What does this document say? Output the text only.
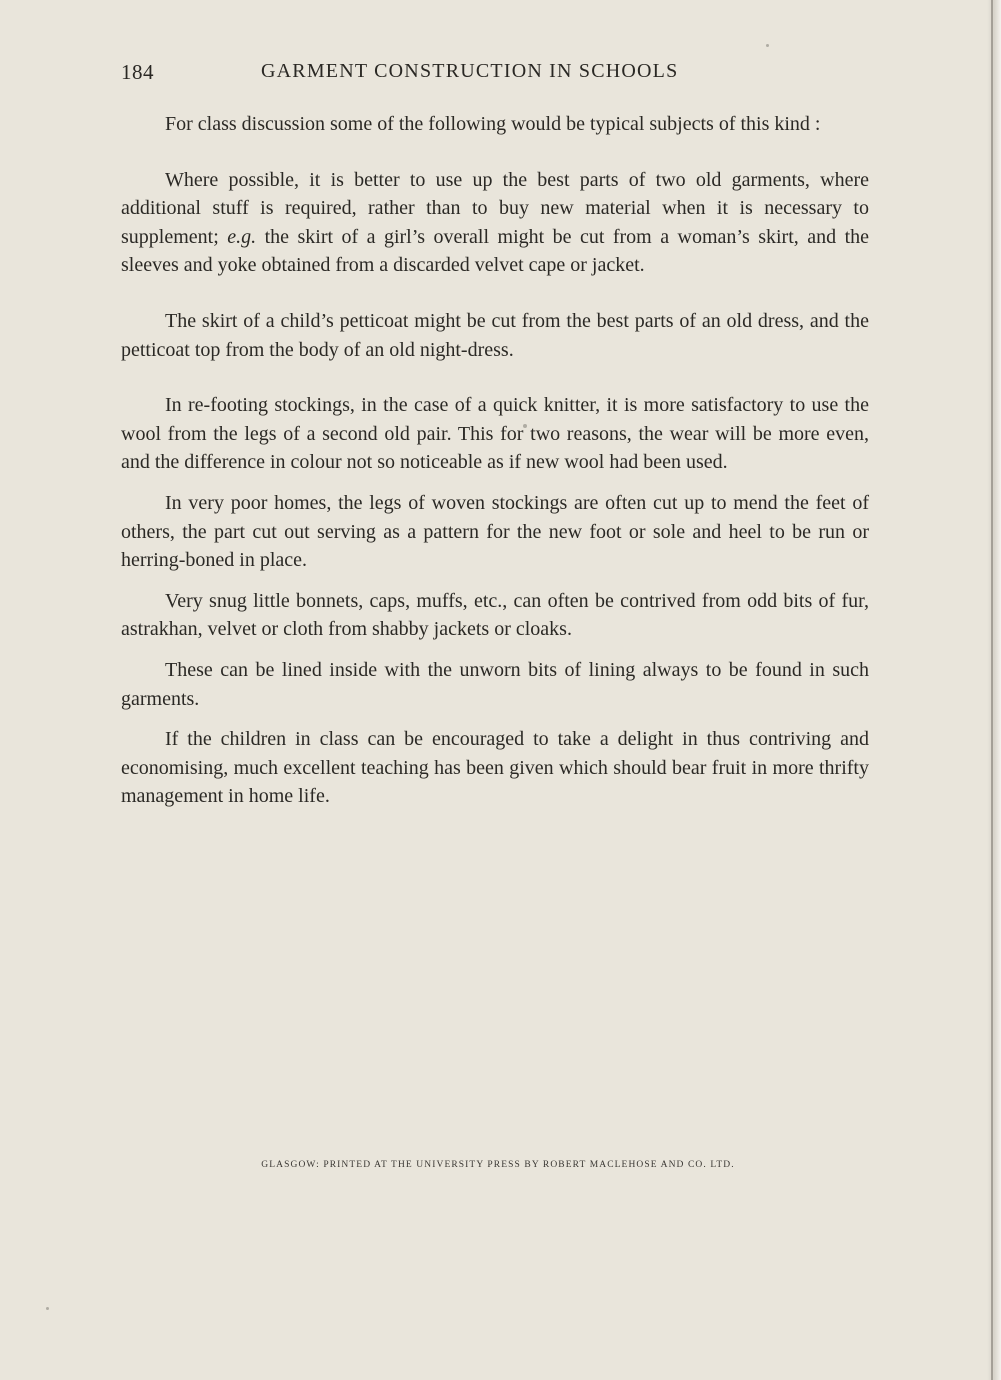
184	GARMENT CONSTRUCTION IN SCHOOLS

For class discussion some of the following would be typical subjects of this kind :

Where possible, it is better to use up the best parts of two old garments, where additional stuff is required, rather than to buy new material when it is necessary to supplement; e.g. the skirt of a girl’s overall might be cut from a woman’s skirt, and the sleeves and yoke obtained from a discarded velvet cape or jacket.

The skirt of a child’s petticoat might be cut from the best parts of an old dress, and the petticoat top from the body of an old night-dress.

In re-footing stockings, in the case of a quick knitter, it is more satisfactory to use the wool from the legs of a second old pair. This for two reasons, the wear will be more even, and the difference in colour not so noticeable as if new wool had been used.

In very poor homes, the legs of woven stockings are often cut up to mend the feet of others, the part cut out serving as a pattern for the new foot or sole and heel to be run or herring-boned in place.

Very snug little bonnets, caps, muffs, etc., can often be contrived from odd bits of fur, astrakhan, velvet or cloth from shabby jackets or cloaks.

These can be lined inside with the unworn bits of lining always to be found in such garments.

If the children in class can be encouraged to take a delight in thus contriving and economising, much excellent teaching has been given which should bear fruit in more thrifty management in home life.

GLASGOW: PRINTED AT THE UNIVERSITY PRESS BY ROBERT MACLEHOSE AND CO. LTD.
